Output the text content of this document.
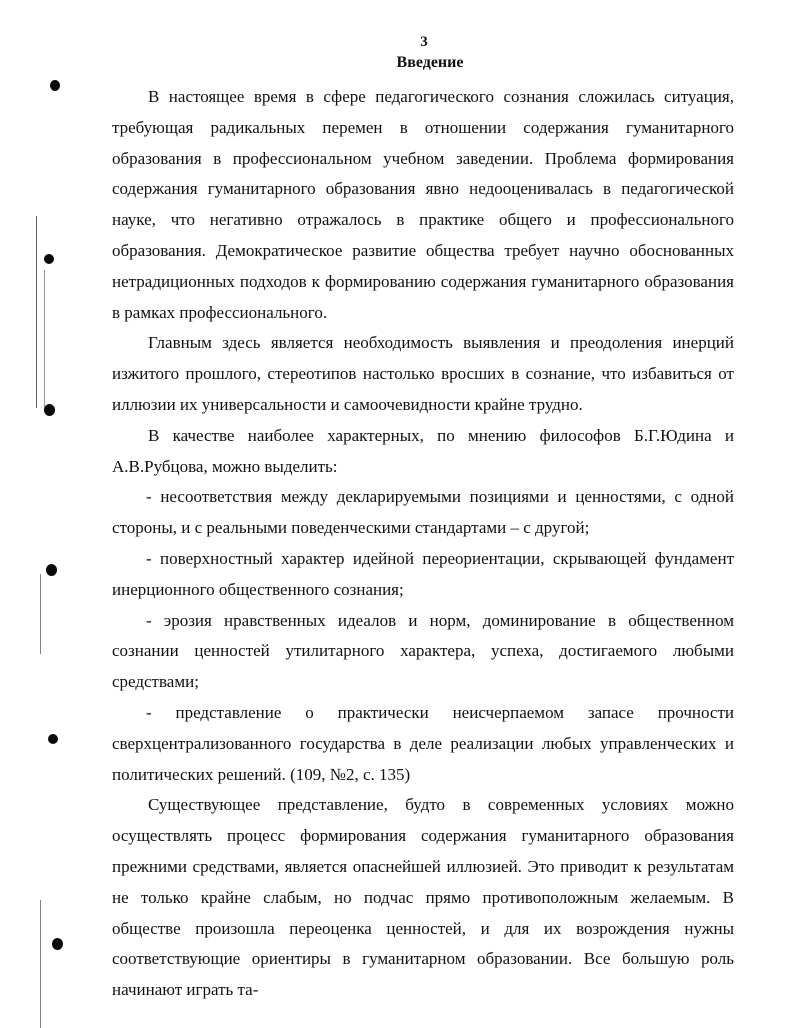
3
Введение

В настоящее время в сфере педагогического сознания сложилась ситуация, требующая радикальных перемен в отношении содержания гуманитарного образования в профессиональном учебном заведении. Проблема формирования содержания гуманитарного образования явно недооценивалась в педагогической науке, что негативно отражалось в практике общего и профессионального образования. Демократическое развитие общества требует научно обоснованных нетрадиционных подходов к формированию содержания гуманитарного образования в рамках профессионального.

Главным здесь является необходимость выявления и преодоления инерций изжитого прошлого, стереотипов настолько вросших в сознание, что избавиться от иллюзии их универсальности и самоочевидности крайне трудно.

В качестве наиболее характерных, по мнению философов Б.Г.Юдина и А.В.Рубцова, можно выделить:

- несоответствия между декларируемыми позициями и ценностями, с одной стороны, и с реальными поведенческими стандартами – с другой;

- поверхностный характер идейной переориентации, скрывающей фундамент инерционного общественного сознания;

- эрозия нравственных идеалов и норм, доминирование в общественном сознании ценностей утилитарного характера, успеха, достигаемого любыми средствами;

- представление о практически неисчерпаемом запасе прочности сверхцентрализованного государства в деле реализации любых управленческих и политических решений. (109, №2, с. 135)

Существующее представление, будто в современных условиях можно осуществлять процесс формирования содержания гуманитарного образования прежними средствами, является опаснейшей иллюзией. Это приводит к результатам не только крайне слабым, но подчас прямо противоположным желаемым. В обществе произошла переоценка ценностей, и для их возрождения нужны соответствующие ориентиры в гуманитарном образовании. Все большую роль начинают играть та-
